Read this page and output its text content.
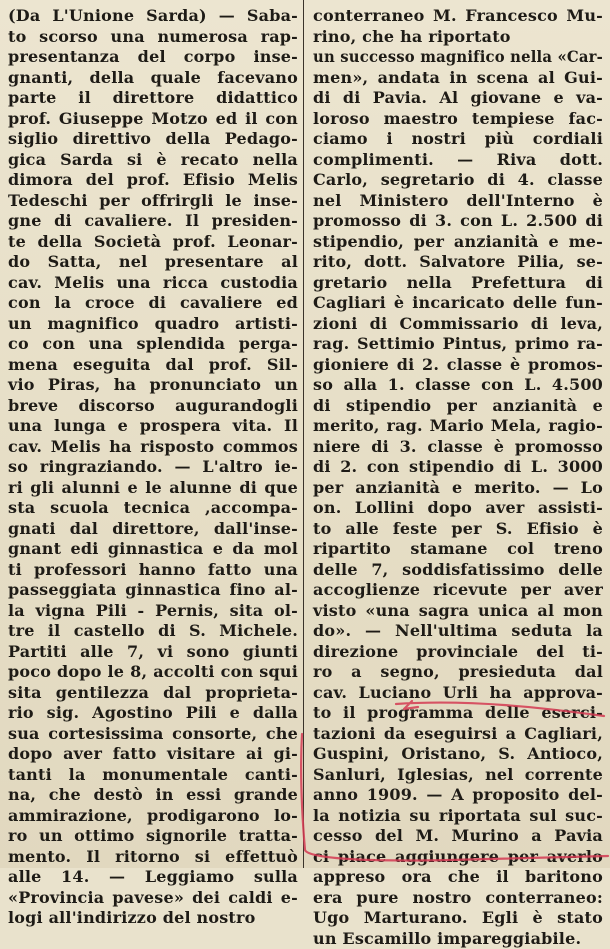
(Da L'Unione Sarda) — Saba-
to scorso una numerosa rap-
presentanza del corpo inse-
gnanti, della quale facevano
parte il direttore didattico
prof. Giuseppe Motzo ed il con
siglio direttivo della Pedago-
gica Sarda si è recato nella
dimora del prof. Efisio Melis
Tedeschi per offrirgli le inse-
gne di cavaliere. Il presiden-
te della Società prof. Leonar-
do Satta, nel presentare al
cav. Melis una ricca custodia
con la croce di cavaliere ed
un magnifico quadro artisti-
co con una splendida perga-
mena eseguita dal prof. Sil-
vio Piras, ha pronunciato un
breve discorso augurandogli
una lunga e prospera vita. Il
cav. Melis ha risposto commos
so ringraziando. — L'altro ie-
ri gli alunni e le alunne di que
sta scuola tecnica ,accompa-
gnati dal direttore, dall'inse-
gnant edi ginnastica e da mol
ti professori hanno fatto una
passeggiata ginnastica fino al-
la vigna Pili - Pernis, sita ol-
tre il castello di S. Michele.
Partiti alle 7, vi sono giunti
poco dopo le 8, accolti con squi
sita gentilezza dal proprieta-
rio sig. Agostino Pili e dalla
sua cortesissima consorte, che
dopo aver fatto visitare ai gi-
tanti la monumentale canti-
na, che destò in essi grande
ammirazione, prodigarono lo-
ro un ottimo signorile tratta-
mento. Il ritorno si effettuò
alle 14. — Leggiamo sulla
«Provincia pavese» dei caldi e-
logi all'indirizzo del nostro
conterraneo M. Francesco Mu-
rino, che ha riportato
un successo magnifico nella «Car-
men», andata in scena al Gui-
di di Pavia. Al giovane e va-
loroso maestro tempiese fac-
ciamo i nostri più cordiali
complimenti. — Riva dott.
Carlo, segretario di 4. classe
nel Ministero dell'Interno è
promosso di 3. con L. 2.500 di
stipendio, per anzianità e me-
rito, dott. Salvatore Pilia, se-
gretario nella Prefettura di
Cagliari è incaricato delle fun-
zioni di Commissario di leva,
rag. Settimio Pintus, primo ra-
gioniere di 2. classe è promos-
so alla 1. classe con L. 4.500
di stipendio per anzianità e
merito, rag. Mario Mela, ragio-
niere di 3. classe è promosso
di 2. con stipendio di L. 3000
per anzianità e merito. — Lo
on. Lollini dopo aver assisti-
to alle feste per S. Efisio è
ripartito stamane col treno
delle 7, soddisfatissimo delle
accoglienze ricevute per aver
visto «una sagra unica al mon
do». — Nell'ultima seduta la
direzione provinciale del ti-
ro a segno, presieduta dal
cav. Luciano Urli ha approva-
to il programma delle eserci-
tazioni da eseguirsi a Cagliari,
Guspini, Oristano, S. Antioco,
Sanluri, Iglesias, nel corrente
anno 1909. — A proposito del-
la notizia su riportata sul suc-
cesso del M. Murino a Pavia
ci piace aggiungere per averlo
appreso ora che il baritono
era pure nostro conterraneo:
Ugo Marturano. Egli è stato
un Escamillo impareggiabile.
